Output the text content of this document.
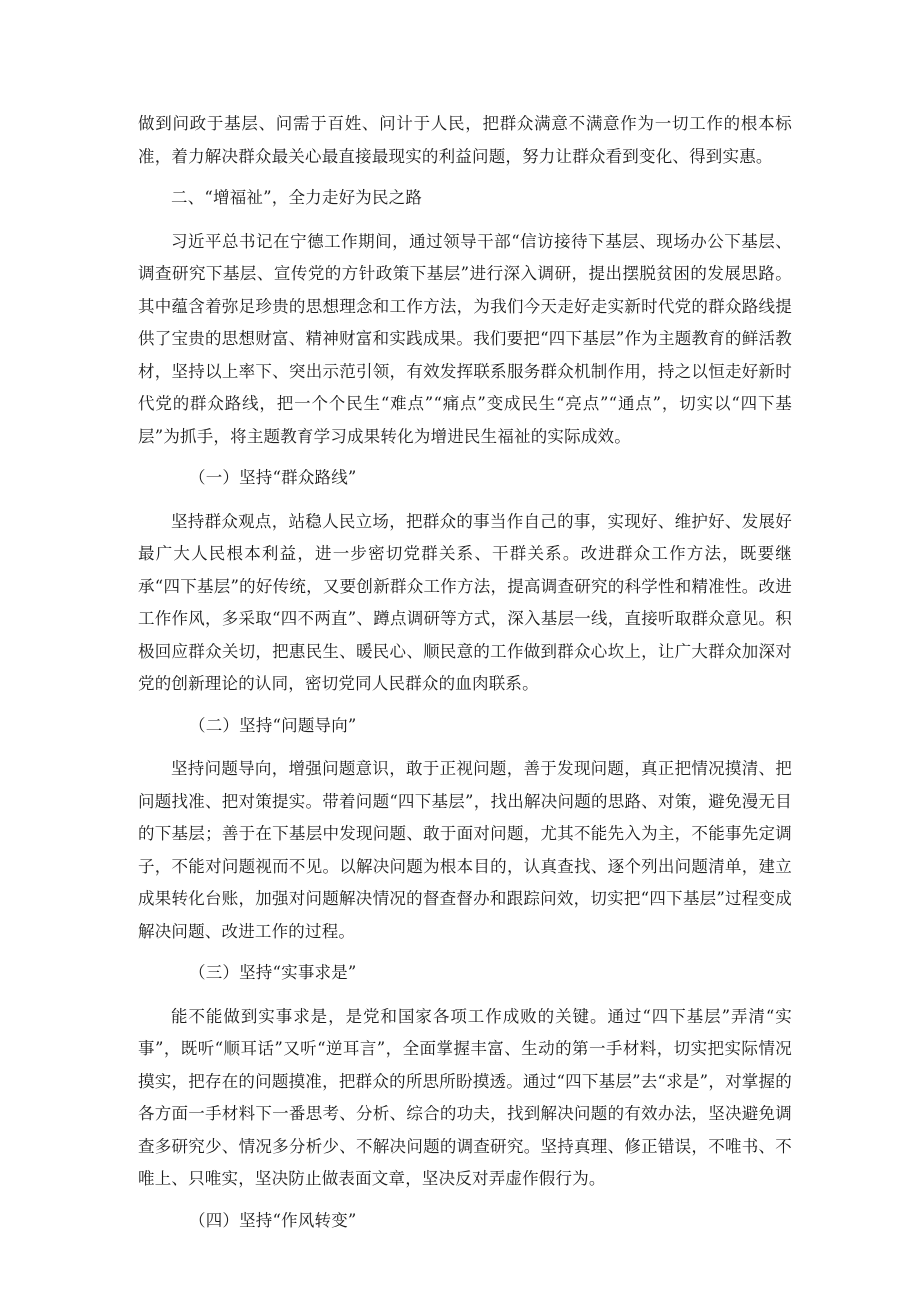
做到问政于基层、问需于百姓、问计于人民，把群众满意不满意作为一切工作的根本标准，着力解决群众最关心最直接最现实的利益问题，努力让群众看到变化、得到实惠。

二、“增福祉”，全力走好为民之路

习近平总书记在宁德工作期间，通过领导干部“信访接待下基层、现场办公下基层、调查研究下基层、宣传党的方针政策下基层”进行深入调研，提出摆脱贫困的发展思路。其中蕴含着弥足珍贵的思想理念和工作方法，为我们今天走好走实新时代党的群众路线提供了宝贵的思想财富、精神财富和实践成果。我们要把“四下基层”作为主题教育的鲜活教材，坚持以上率下、突出示范引领，有效发挥联系服务群众机制作用，持之以恒走好新时代党的群众路线，把一个个民生“难点”“痛点”变成民生“亮点”“通点”，切实以“四下基层”为抓手，将主题教育学习成果转化为增进民生福祉的实际成效。

（一）坚持“群众路线”

坚持群众观点，站稳人民立场，把群众的事当作自己的事，实现好、维护好、发展好最广大人民根本利益，进一步密切党群关系、干群关系。改进群众工作方法，既要继承“四下基层”的好传统，又要创新群众工作方法，提高调查研究的科学性和精准性。改进工作作风，多采取“四不两直”、蹲点调研等方式，深入基层一线，直接听取群众意见。积极回应群众关切，把惠民生、暖民心、顺民意的工作做到群众心坎上，让广大群众加深对党的创新理论的认同，密切党同人民群众的血肉联系。

（二）坚持“问题导向”

坚持问题导向，增强问题意识，敢于正视问题，善于发现问题，真正把情况摸清、把问题找准、把对策提实。带着问题“四下基层”，找出解决问题的思路、对策，避免漫无目的下基层；善于在下基层中发现问题、敢于面对问题，尤其不能先入为主，不能事先定调子，不能对问题视而不见。以解决问题为根本目的，认真查找、逐个列出问题清单，建立成果转化台账，加强对问题解决情况的督查督办和跟踪问效，切实把“四下基层”过程变成解决问题、改进工作的过程。

（三）坚持“实事求是”

能不能做到实事求是，是党和国家各项工作成败的关键。通过“四下基层”弄清“实事”，既听“顺耳话”又听“逆耳言”，全面掌握丰富、生动的第一手材料，切实把实际情况摸实，把存在的问题摸准，把群众的所思所盼摸透。通过“四下基层”去“求是”，对掌握的各方面一手材料下一番思考、分析、综合的功夫，找到解决问题的有效办法，坚决避免调查多研究少、情况多分析少、不解决问题的调查研究。坚持真理、修正错误，不唯书、不唯上、只唯实，坚决防止做表面文章，坚决反对弄虚作假行为。

（四）坚持“作风转变”
